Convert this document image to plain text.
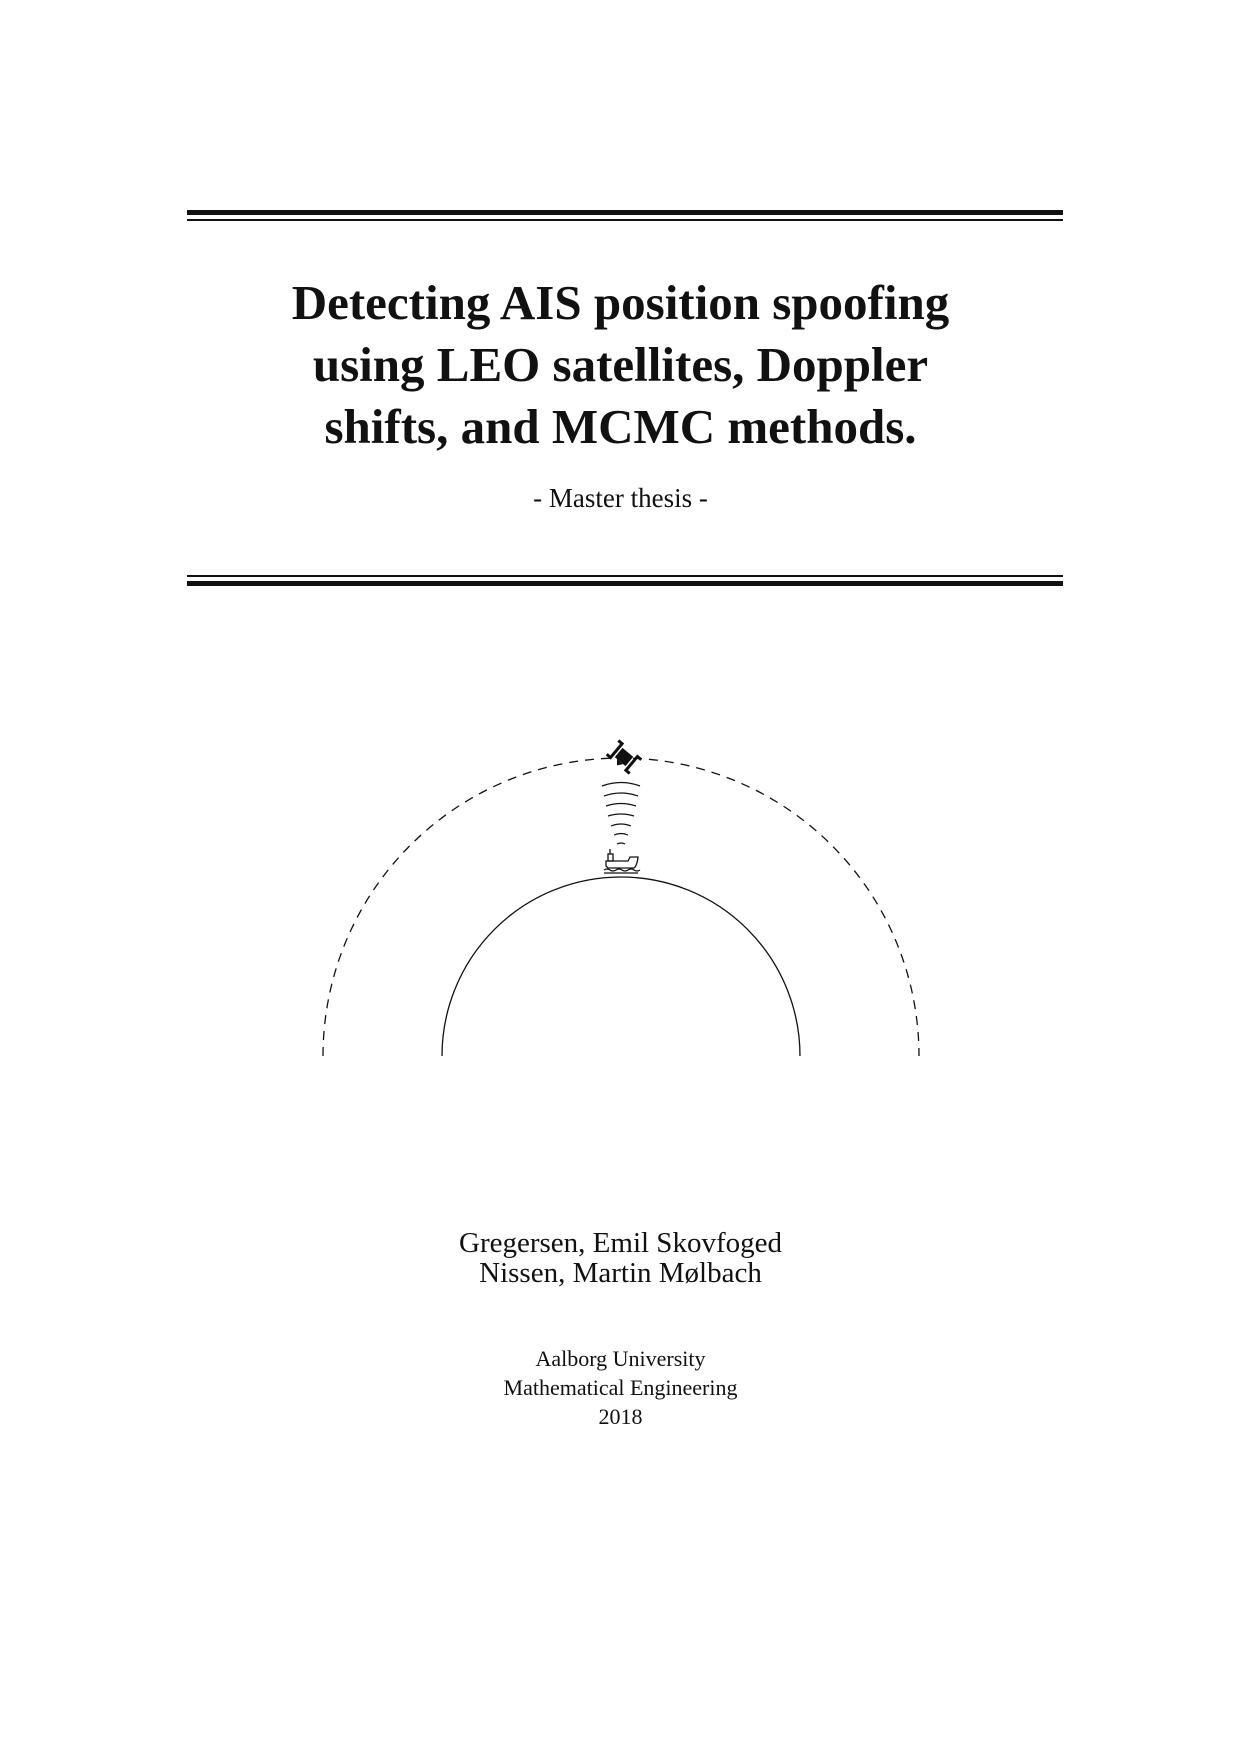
Detecting AIS position spoofing
using LEO satellites, Doppler
shifts, and MCMC methods.
- Master thesis -
Gregersen, Emil Skovfoged
Nissen, Martin Mølbach
Aalborg University
Mathematical Engineering
2018
